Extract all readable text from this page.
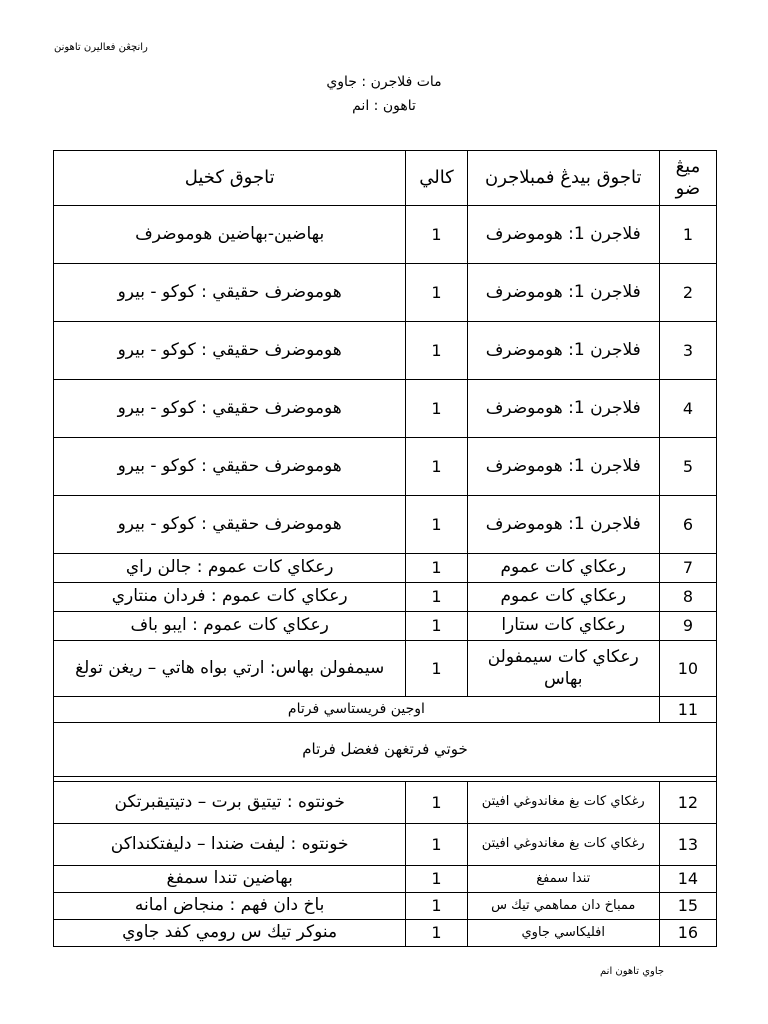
رانچڠن فعاليرن تاهونن
مات فلاجرن : جاوي
تاهون : انم
ميڠ ضو	تاجوق بيدڠ فمبلاجرن	كالي	تاجوق كخيل
1	فلاجرن 1: هوموضرف	1	بهاضين-بهاضين هوموضرف
2	فلاجرن 1: هوموضرف	1	هوموضرف حقيقي : كوكو - بيرو
3	فلاجرن 1: هوموضرف	1	هوموضرف حقيقي : كوكو - بيرو
4	فلاجرن 1: هوموضرف	1	هوموضرف حقيقي : كوكو - بيرو
5	فلاجرن 1: هوموضرف	1	هوموضرف حقيقي : كوكو - بيرو
6	فلاجرن 1: هوموضرف	1	هوموضرف حقيقي : كوكو - بيرو
7	رعكاي كات عموم	1	رعكاي كات عموم : جالن راي
8	رعكاي كات عموم	1	رعكاي كات عموم : فردان منتاري
9	رعكاي كات ستارا	1	رعكاي كات عموم : ايبو باف
10	رعكاي كات سيمفولن بهاس	1	سيمفولن بهاس: ارتي بواه هاتي – ريغن تولغ
11	اوجين فريستاسي فرتام		
خوتي فرتغهن فغضل فرتام			

12	رغكاي كات بغ مغاندوغي افيتن	1	خونتوه : تيتيق برت – دتيتيقبرتكن
13	رغكاي كات بغ مغاندوغي افيتن	1	خونتوه : ليفت ضندا – دليفتكنداكن
14	تندا سمفغ	1	بهاضين تندا سمفغ
15	ممباخ دان مماهمي تيك س	1	باخ دان فهم : منجاض امانه
16	افليكاسي جاوي	1	منوكر تيك س رومي كفد جاوي
جاوي تاهون انم
